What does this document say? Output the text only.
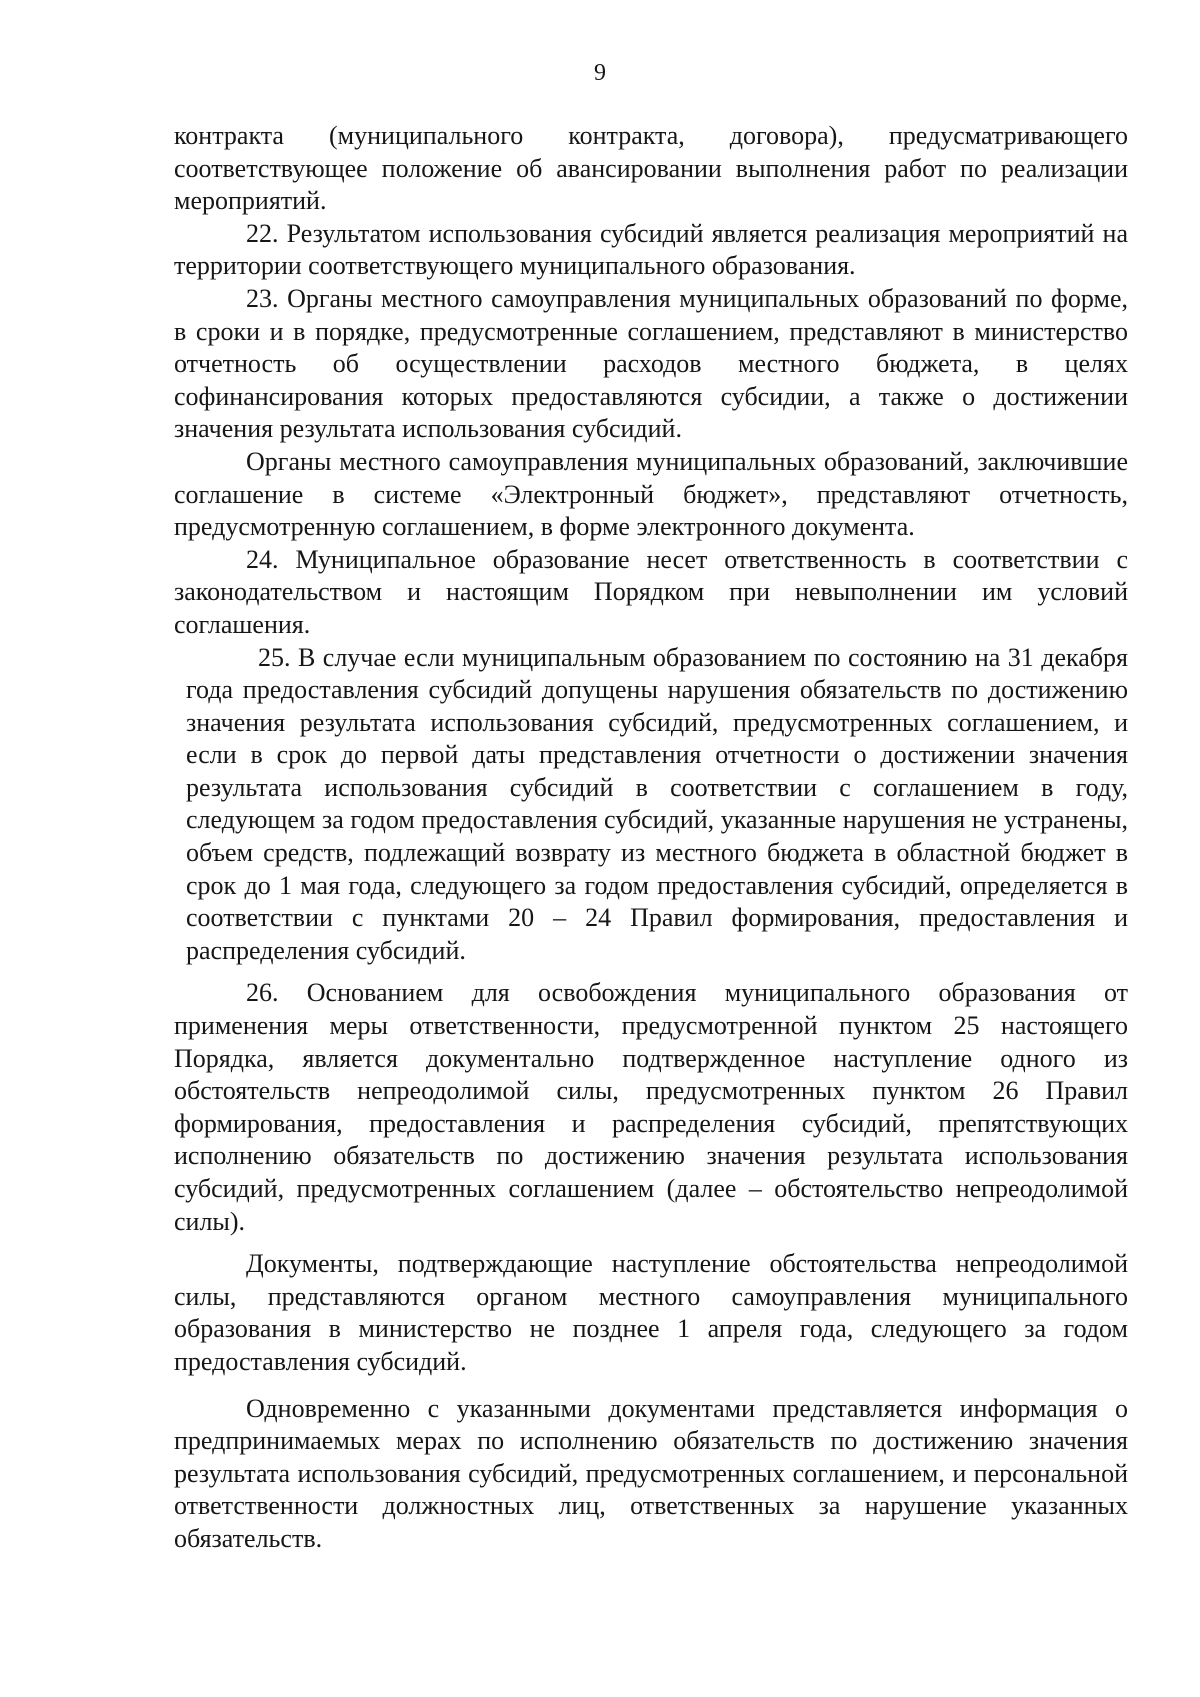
9

контракта (муниципального контракта, договора), предусматривающего соответствующее положение об авансировании выполнения работ по реализации мероприятий.

22. Результатом использования субсидий является реализация мероприятий на территории соответствующего муниципального образования.

23. Органы местного самоуправления муниципальных образований по форме, в сроки и в порядке, предусмотренные соглашением, представляют в министерство отчетность об осуществлении расходов местного бюджета, в целях софинансирования которых предоставляются субсидии, а также о достижении значения результата использования субсидий.

Органы местного самоуправления муниципальных образований, заключившие соглашение в системе «Электронный бюджет», представляют отчетность, предусмотренную соглашением, в форме электронного документа.

24. Муниципальное образование несет ответственность в соответствии с законодательством и настоящим Порядком при невыполнении им условий соглашения.

25. В случае если муниципальным образованием по состоянию на 31 декабря года предоставления субсидий допущены нарушения обязательств по достижению значения результата использования субсидий, предусмотренных соглашением, и если в срок до первой даты представления отчетности о достижении значения результата использования субсидий в соответствии с соглашением в году, следующем за годом предоставления субсидий, указанные нарушения не устранены, объем средств, подлежащий возврату из местного бюджета в областной бюджет в срок до 1 мая года, следующего за годом предоставления субсидий, определяется в соответствии с пунктами 20 – 24 Правил формирования, предоставления и распределения субсидий.

26. Основанием для освобождения муниципального образования от применения меры ответственности, предусмотренной пунктом 25 настоящего Порядка, является документально подтвержденное наступление одного из обстоятельств непреодолимой силы, предусмотренных пунктом 26 Правил формирования, предоставления и распределения субсидий, препятствующих исполнению обязательств по достижению значения результата использования субсидий, предусмотренных соглашением (далее – обстоятельство непреодолимой силы).

Документы, подтверждающие наступление обстоятельства непреодолимой силы, представляются органом местного самоуправления муниципального образования в министерство не позднее 1 апреля года, следующего за годом предоставления субсидий.

Одновременно с указанными документами представляется информация о предпринимаемых мерах по исполнению обязательств по достижению значения результата использования субсидий, предусмотренных соглашением, и персональной ответственности должностных лиц, ответственных за нарушение указанных обязательств.
